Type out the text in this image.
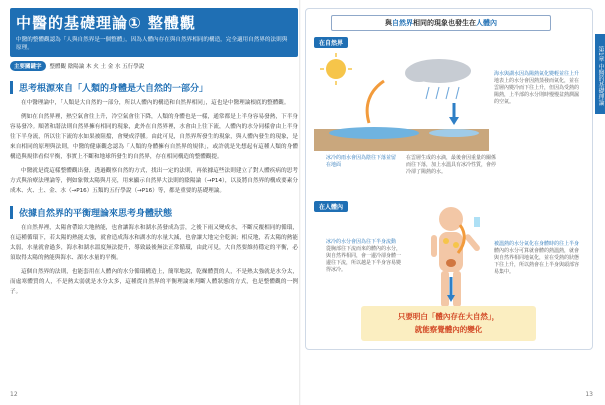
中醫的基礎理論① 整體觀

中醫的整體觀認為「人與自然界是一個整體」，因為人體內存在與自然界相同的構造，完全適用自然界的法則與原理。

主要關鍵字	整體觀 陰陽論 木 火 土 金 水 五行學說
思考根源來自「人類的身體是大自然的一部分」

在中醫理論中，「人類是大自然的一部分，所以人體內的構造和自然界相同」，這也是中醫理論根底的整體觀。

例如在自然界裡，熱空氣會往上升，冷空氣會往下降，人類的身體也是一樣，通常都是上半身容易發熱，下半身容易發冷。順著和諧法則自然界擁有相同的現象，此外在自然界裡，水會由上往下流，人體內的水分同樣會由上半身往下半身流，所以往下流的水如果被阻擋，會變成浮腫。由此可見，自然界所發生的現象，與人體內發生的現象，是來自相同的原理與法則，中醫的健康觀念認為「人類的身體擁有自然界的規律」，或許就是先想起有這種人類的身體構造與規律看似平衡，事實上不斷和地球所發生的自然界，存在相同構造的整體觀提。

中醫就是從這樣整體觀出發，透過觀察自然的方式，找出一定的法則，再依據這些法則建立了對人體疾病的思考方式與治療法理論等，例如象徵太陽與月亮，用來顯示自然界大法則的陰陽論（→P14），以及將自然界的構成要素分成木、火、土、金、水（→P16）五類的五行學說（→P16）等，都是重要的基礎理論。

依據自然界的平衡理論來思考身體狀態

在自然界裡，太陽會帶給大地熱能，也會讓海水和湖水蒸發成為雲，之後下雨又變成水，不斷反覆相同的循環，在這種循環下，若太陽的熱能太強，就會造成海水和湖水的水量大減，也會讓大地完全乾涸；相反地，若太陽的熱能太弱，水量就會過多，海水和湖水溫度無法提升，導致最後無法正常循環，由此可見，大自然要維持穩定的平衡，必須取得太陽的熱能與海水、湖水水量的平衡。

這個自然界的法則，也能套用在人體內的水分循環構造上，簡單地說，乾燥體質的人，不是熱太強就是水分太，而虛寒體質的人，不是熱太弱就是水分太多，這種從自然界的平衡理論來判斷人體狀態的方式，也是整體觀的一例子。

12
第1章 中醫的基礎理論
與自然界相同的現象也發生在人體內
在自然界
海水與湖水因為陽熱氣化變輕並往上升
地表上的水分會因熱蒸發而氣化，並在雲層內變冷而下往上升，但因為受熱的陽熱，上半部的水分則時慢慢盆熱潤濕的空氣。
冰冷的雨水會因為陰往下落並留在地面
在雲層生成的水滴，最後會因重量的關係而往下落，加上水溫具有冰冷性質，會停冷卻了陽熱的水。
在人體內
被溫熱的水分氣化在身體時的往上半身
體內的水分可算就會體的熱溫熱，就會與自然界相同地氣化，並在受熱的狀態下往上升，所以熱會在上半身與頭部容易集中。
冰冷的水分會因為往下半身流動
從胸部往下流而來的體內的水分，與自然界相同，會一邊冷卻身體一邊往下流，所以越是下半身容易變得冰冷。
只要明白「體內存在大自然」，
就能察覺體內的變化
13
